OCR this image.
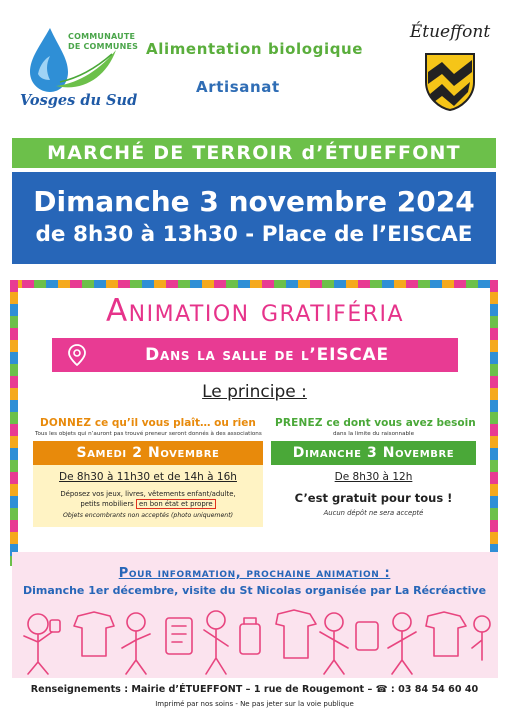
COMMUNAUTE
DE COMMUNES
Vosges du Sud
Alimentation biologique
Artisanat
Étueffont
MARCHÉ DE TERROIR d’ÉTUEFFONT
Dimanche 3 novembre 2024
de 8h30 à 13h30 - Place de l’EISCAE
Animation gratiféria
Dans la salle de l’EISCAE
Le principe :
DONNEZ ce qu’il vous plaît… ou rien
Tous les objets qui n’auront pas trouvé preneur seront donnés à des associations
PRENEZ ce dont vous avez besoin
dans la limite du raisonnable
Samedi 2 Novembre
De 8h30 à 11h30 et de 14h à 16h
Déposez vos jeux, livres, vêtements enfant/adulte,
petits mobiliers en bon état et propre
Objets encombrants non acceptés (photo uniquement)
Dimanche 3 Novembre
De 8h30 à 12h
C’est gratuit pour tous !
Aucun dépôt ne sera accepté
Pour information, prochaine animation :
Dimanche 1er décembre, visite du St Nicolas organisée par La Récréactive
Renseignements : Mairie d’ÉTUEFFONT – 1 rue de Rougemont – ☎ : 03 84 54 60 40
Imprimé par nos soins - Ne pas jeter sur la voie publique
